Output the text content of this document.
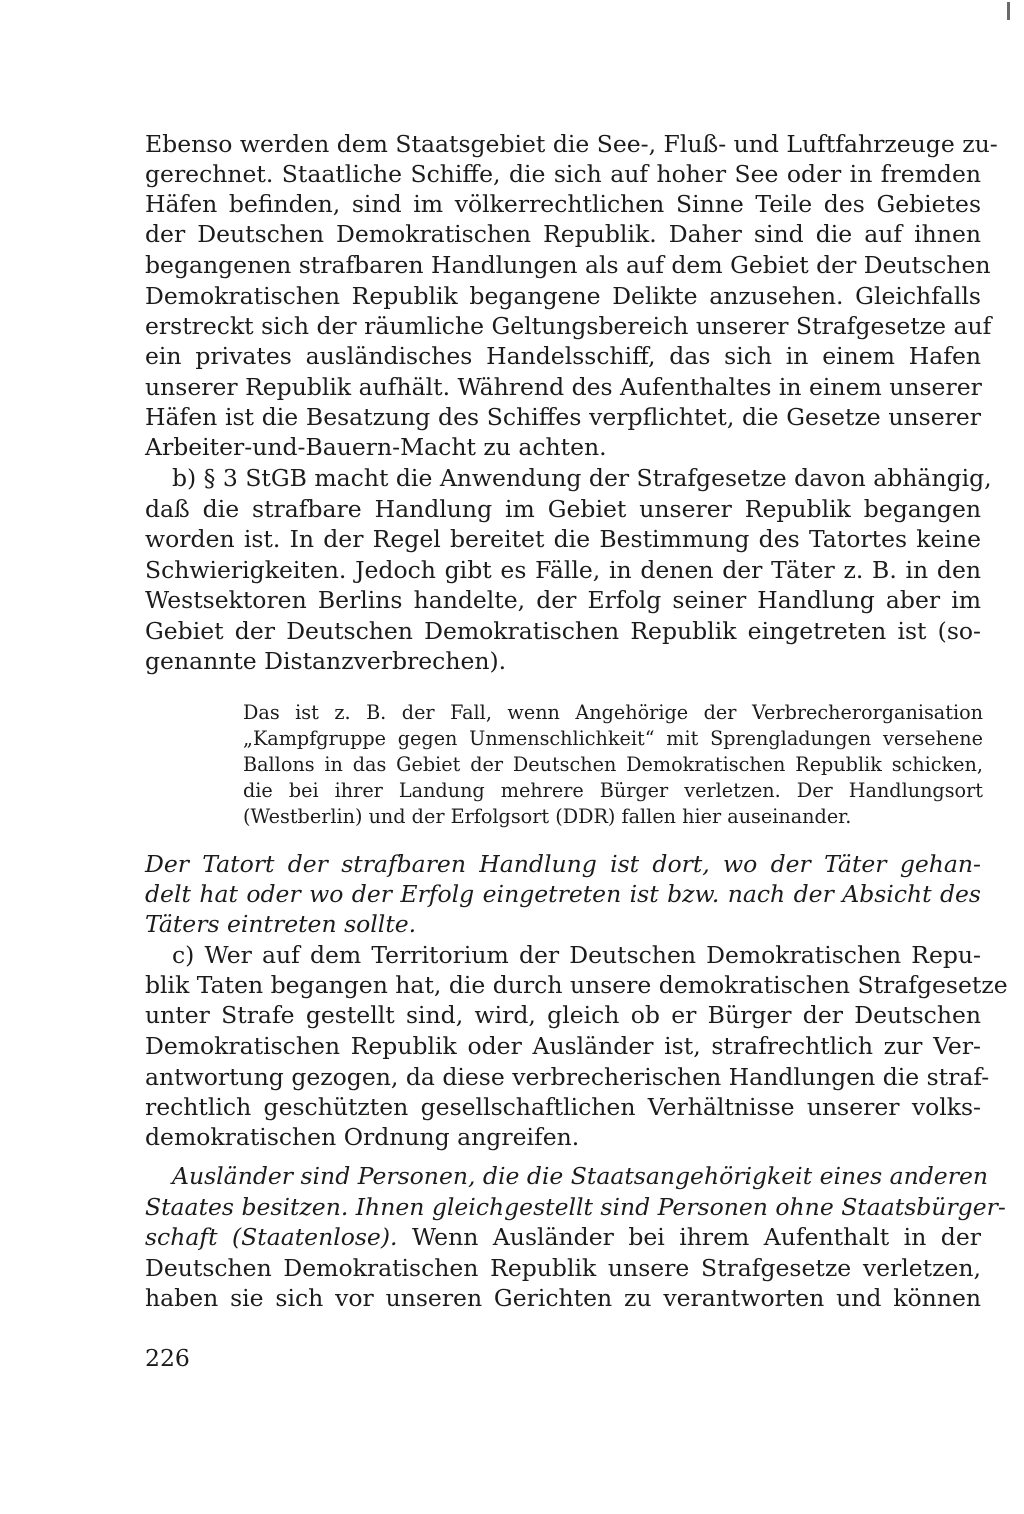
Ebenso werden dem Staatsgebiet die See-, Fluß- und Luftfahrzeuge zu-

gerechnet. Staatliche Schiffe, die sich auf hoher See oder in fremden

Häfen befinden, sind im völkerrechtlichen Sinne Teile des Gebietes

der Deutschen Demokratischen Republik. Daher sind die auf ihnen

begangenen strafbaren Handlungen als auf dem Gebiet der Deutschen

Demokratischen Republik begangene Delikte anzusehen. Gleichfalls

erstreckt sich der räumliche Geltungsbereich unserer Strafgesetze auf

ein privates ausländisches Handelsschiff, das sich in einem Hafen

unserer Republik aufhält. Während des Aufenthaltes in einem unserer

Häfen ist die Besatzung des Schiffes verpflichtet, die Gesetze unserer

Arbeiter-und-Bauern-Macht zu achten.

b) § 3 StGB macht die Anwendung der Strafgesetze davon abhängig,

daß die strafbare Handlung im Gebiet unserer Republik begangen

worden ist. In der Regel bereitet die Bestimmung des Tatortes keine

Schwierigkeiten. Jedoch gibt es Fälle, in denen der Täter z. B. in den

Westsektoren Berlins handelte, der Erfolg seiner Handlung aber im

Gebiet der Deutschen Demokratischen Republik eingetreten ist (so-

genannte Distanzverbrechen).

Das ist z. B. der Fall, wenn Angehörige der Verbrecherorganisation

„Kampfgruppe gegen Unmenschlichkeit“ mit Sprengladungen versehene

Ballons in das Gebiet der Deutschen Demokratischen Republik schicken,

die bei ihrer Landung mehrere Bürger verletzen. Der Handlungsort

(Westberlin) und der Erfolgsort (DDR) fallen hier auseinander.

Der Tatort der strafbaren Handlung ist dort, wo der Täter gehan-

delt hat oder wo der Erfolg eingetreten ist bzw. nach der Absicht des

Täters eintreten sollte.

c) Wer auf dem Territorium der Deutschen Demokratischen Repu-

blik Taten begangen hat, die durch unsere demokratischen Strafgesetze

unter Strafe gestellt sind, wird, gleich ob er Bürger der Deutschen

Demokratischen Republik oder Ausländer ist, strafrechtlich zur Ver-

antwortung gezogen, da diese verbrecherischen Handlungen die straf-

rechtlich geschützten gesellschaftlichen Verhältnisse unserer volks-

demokratischen Ordnung angreifen.

Ausländer sind Personen, die die Staatsangehörigkeit eines anderen

Staates besitzen. Ihnen gleichgestellt sind Personen ohne Staatsbürger-

schaft (Staatenlose). Wenn Ausländer bei ihrem Aufenthalt in der

Deutschen Demokratischen Republik unsere Strafgesetze verletzen,

haben sie sich vor unseren Gerichten zu verantworten und können

226
